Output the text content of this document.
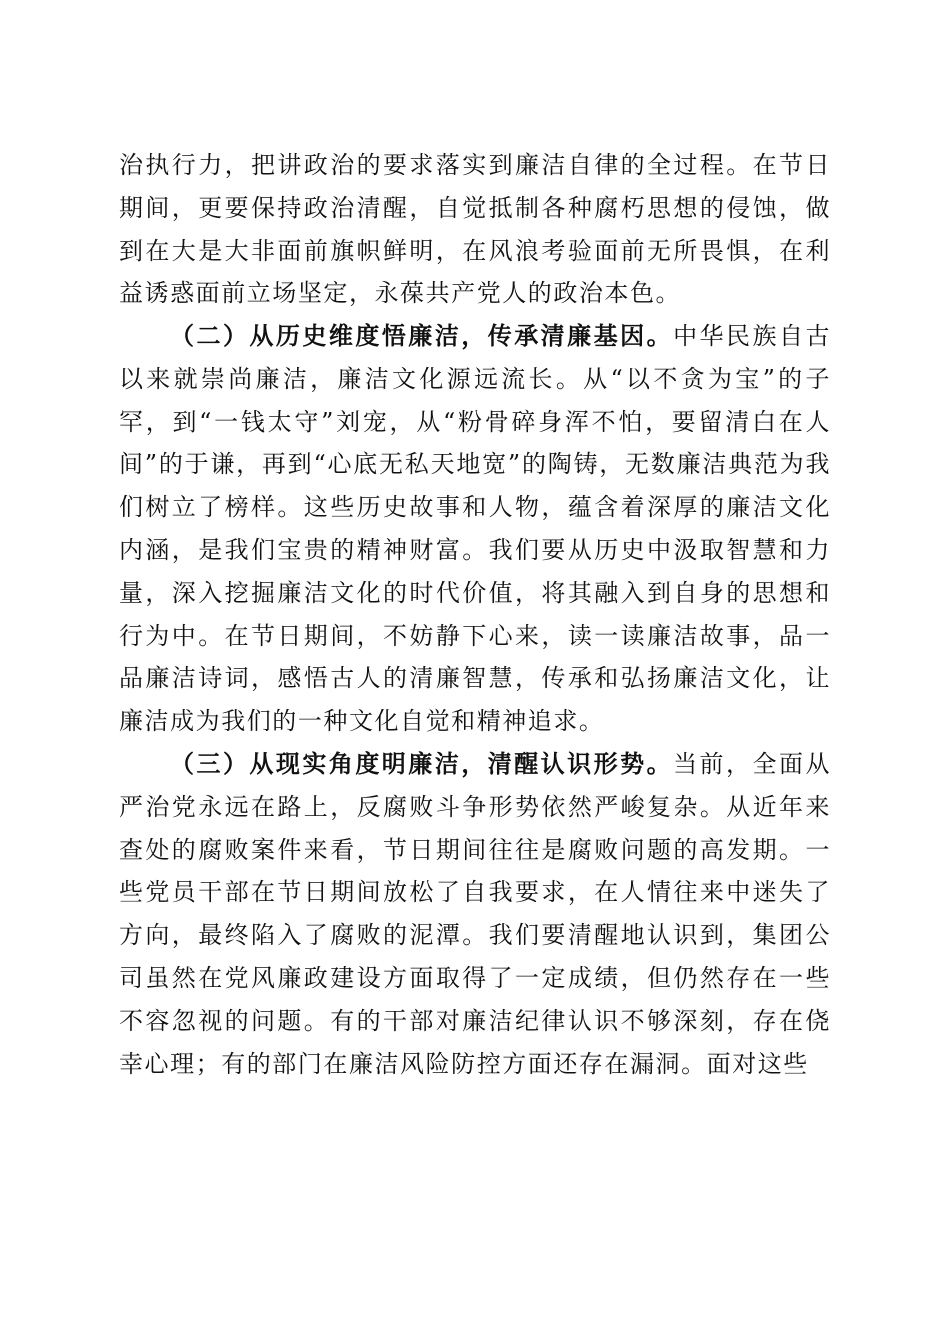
治执行力，把讲政治的要求落实到廉洁自律的全过程。在节日期间，更要保持政治清醒，自觉抵制各种腐朽思想的侵蚀，做到在大是大非面前旗帜鲜明，在风浪考验面前无所畏惧，在利益诱惑面前立场坚定，永葆共产党人的政治本色。

（二）从历史维度悟廉洁，传承清廉基因。中华民族自古以来就崇尚廉洁，廉洁文化源远流长。从“以不贪为宝”的子罕，到“一钱太守”刘宠，从“粉骨碎身浑不怕，要留清白在人间”的于谦，再到“心底无私天地宽”的陶铸，无数廉洁典范为我们树立了榜样。这些历史故事和人物，蕴含着深厚的廉洁文化内涵，是我们宝贵的精神财富。我们要从历史中汲取智慧和力量，深入挖掘廉洁文化的时代价值，将其融入到自身的思想和行为中。在节日期间，不妨静下心来，读一读廉洁故事，品一品廉洁诗词，感悟古人的清廉智慧，传承和弘扬廉洁文化，让廉洁成为我们的一种文化自觉和精神追求。

（三）从现实角度明廉洁，清醒认识形势。当前，全面从严治党永远在路上，反腐败斗争形势依然严峻复杂。从近年来查处的腐败案件来看，节日期间往往是腐败问题的高发期。一些党员干部在节日期间放松了自我要求，在人情往来中迷失了方向，最终陷入了腐败的泥潭。我们要清醒地认识到，集团公司虽然在党风廉政建设方面取得了一定成绩，但仍然存在一些不容忽视的问题。有的干部对廉洁纪律认识不够深刻，存在侥幸心理；有的部门在廉洁风险防控方面还存在漏洞。面对这些
